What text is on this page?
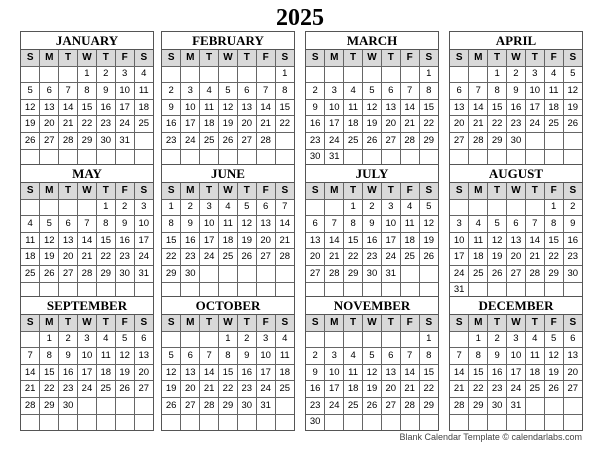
2025
JANUARY
S	M	T	W	T	F	S
			1	2	3	4
5	6	7	8	9	10	11
12	13	14	15	16	17	18
19	20	21	22	23	24	25
26	27	28	29	30	31	

FEBRUARY
S	M	T	W	T	F	S
						1
2	3	4	5	6	7	8
9	10	11	12	13	14	15
16	17	18	19	20	21	22
23	24	25	26	27	28	

MARCH
S	M	T	W	T	F	S
						1
2	3	4	5	6	7	8
9	10	11	12	13	14	15
16	17	18	19	20	21	22
23	24	25	26	27	28	29
30	31					
APRIL
S	M	T	W	T	F	S
		1	2	3	4	5
6	7	8	9	10	11	12
13	14	15	16	17	18	19
20	21	22	23	24	25	26
27	28	29	30			

MAY
S	M	T	W	T	F	S
				1	2	3
4	5	6	7	8	9	10
11	12	13	14	15	16	17
18	19	20	21	22	23	24
25	26	27	28	29	30	31

JUNE
S	M	T	W	T	F	S
1	2	3	4	5	6	7
8	9	10	11	12	13	14
15	16	17	18	19	20	21
22	23	24	25	26	27	28
29	30					

JULY
S	M	T	W	T	F	S
		1	2	3	4	5
6	7	8	9	10	11	12
13	14	15	16	17	18	19
20	21	22	23	24	25	26
27	28	29	30	31		

AUGUST
S	M	T	W	T	F	S
					1	2
3	4	5	6	7	8	9
10	11	12	13	14	15	16
17	18	19	20	21	22	23
24	25	26	27	28	29	30
31						
SEPTEMBER
S	M	T	W	T	F	S
	1	2	3	4	5	6
7	8	9	10	11	12	13
14	15	16	17	18	19	20
21	22	23	24	25	26	27
28	29	30				

OCTOBER
S	M	T	W	T	F	S
			1	2	3	4
5	6	7	8	9	10	11
12	13	14	15	16	17	18
19	20	21	22	23	24	25
26	27	28	29	30	31	

NOVEMBER
S	M	T	W	T	F	S
						1
2	3	4	5	6	7	8
9	10	11	12	13	14	15
16	17	18	19	20	21	22
23	24	25	26	27	28	29
30						
DECEMBER
S	M	T	W	T	F	S
	1	2	3	4	5	6
7	8	9	10	11	12	13
14	15	16	17	18	19	20
21	22	23	24	25	26	27
28	29	30	31			

Blank Calendar Template © calendarlabs.com
